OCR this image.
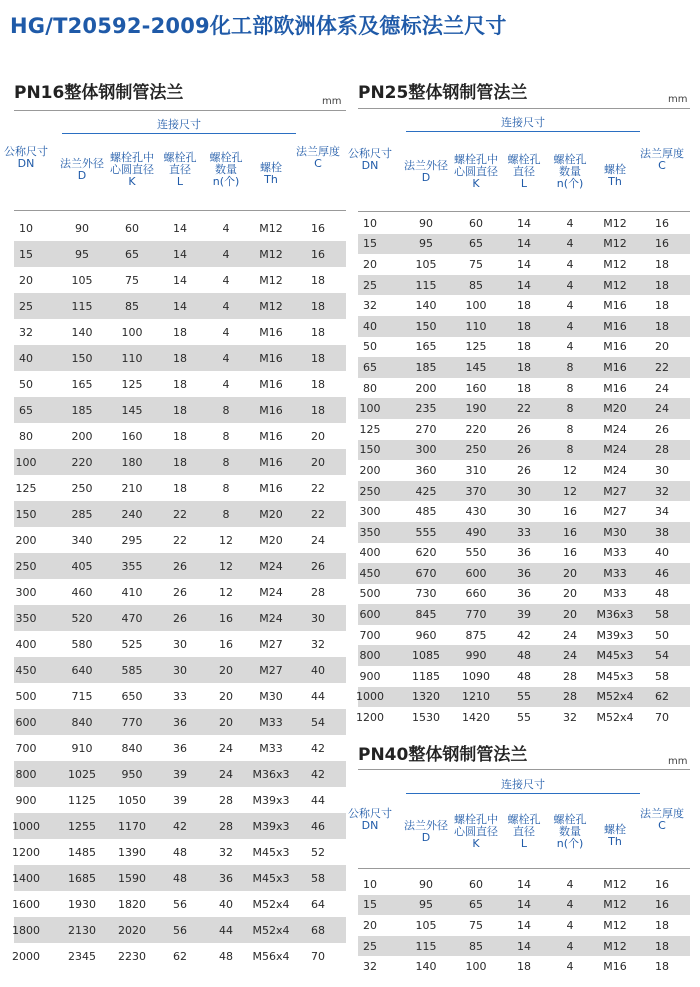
HG/T20592-2009化工部欧洲体系及德标法兰尺寸
PN16整体钢制管法兰	mm
连接尺寸
公称尺寸
DN	法兰外径
D
螺栓孔中
心圆直径
K
螺栓孔
直径
L
螺栓孔
数量
n(个)
螺栓
Th
法兰厚度
C
10	90	60	14	4	M12	16
15	95	65	14	4	M12	16
20	105	75	14	4	M12	18
25	115	85	14	4	M12	18
32	140	100	18	4	M16	18
40	150	110	18	4	M16	18
50	165	125	18	4	M16	18
65	185	145	18	8	M16	18
80	200	160	18	8	M16	20
100	220	180	18	8	M16	20
125	250	210	18	8	M16	22
150	285	240	22	8	M20	22
200	340	295	22	12	M20	24
250	405	355	26	12	M24	26
300	460	410	26	12	M24	28
350	520	470	26	16	M24	30
400	580	525	30	16	M27	32
450	640	585	30	20	M27	40
500	715	650	33	20	M30	44
600	840	770	36	20	M33	54
700	910	840	36	24	M33	42
800	1025	950	39	24	M36x3	42
900	1125	1050	39	28	M39x3	44
1000	1255	1170	42	28	M39x3	46
1200	1485	1390	48	32	M45x3	52
1400	1685	1590	48	36	M45x3	58
1600	1930	1820	56	40	M52x4	64
1800	2130	2020	56	44	M52x4	68
2000	2345	2230	62	48	M56x4	70
PN25整体钢制管法兰	mm
连接尺寸
公称尺寸
DN	法兰外径
D
螺栓孔中
心圆直径
K
螺栓孔
直径
L
螺栓孔
数量
n(个)
螺栓
Th
法兰厚度
C
10	90	60	14	4	M12	16
15	95	65	14	4	M12	16
20	105	75	14	4	M12	18
25	115	85	14	4	M12	18
32	140	100	18	4	M16	18
40	150	110	18	4	M16	18
50	165	125	18	4	M16	20
65	185	145	18	8	M16	22
80	200	160	18	8	M16	24
100	235	190	22	8	M20	24
125	270	220	26	8	M24	26
150	300	250	26	8	M24	28
200	360	310	26	12	M24	30
250	425	370	30	12	M27	32
300	485	430	30	16	M27	34
350	555	490	33	16	M30	38
400	620	550	36	16	M33	40
450	670	600	36	20	M33	46
500	730	660	36	20	M33	48
600	845	770	39	20	M36x3	58
700	960	875	42	24	M39x3	50
800	1085	990	48	24	M45x3	54
900	1185	1090	48	28	M45x3	58
1000	1320	1210	55	28	M52x4	62
1200	1530	1420	55	32	M52x4	70
PN40整体钢制管法兰	mm
连接尺寸
公称尺寸
DN	法兰外径
D
螺栓孔中
心圆直径
K
螺栓孔
直径
L
螺栓孔
数量
n(个)
螺栓
Th
法兰厚度
C
10	90	60	14	4	M12	16
15	95	65	14	4	M12	16
20	105	75	14	4	M12	18
25	115	85	14	4	M12	18
32	140	100	18	4	M16	18
